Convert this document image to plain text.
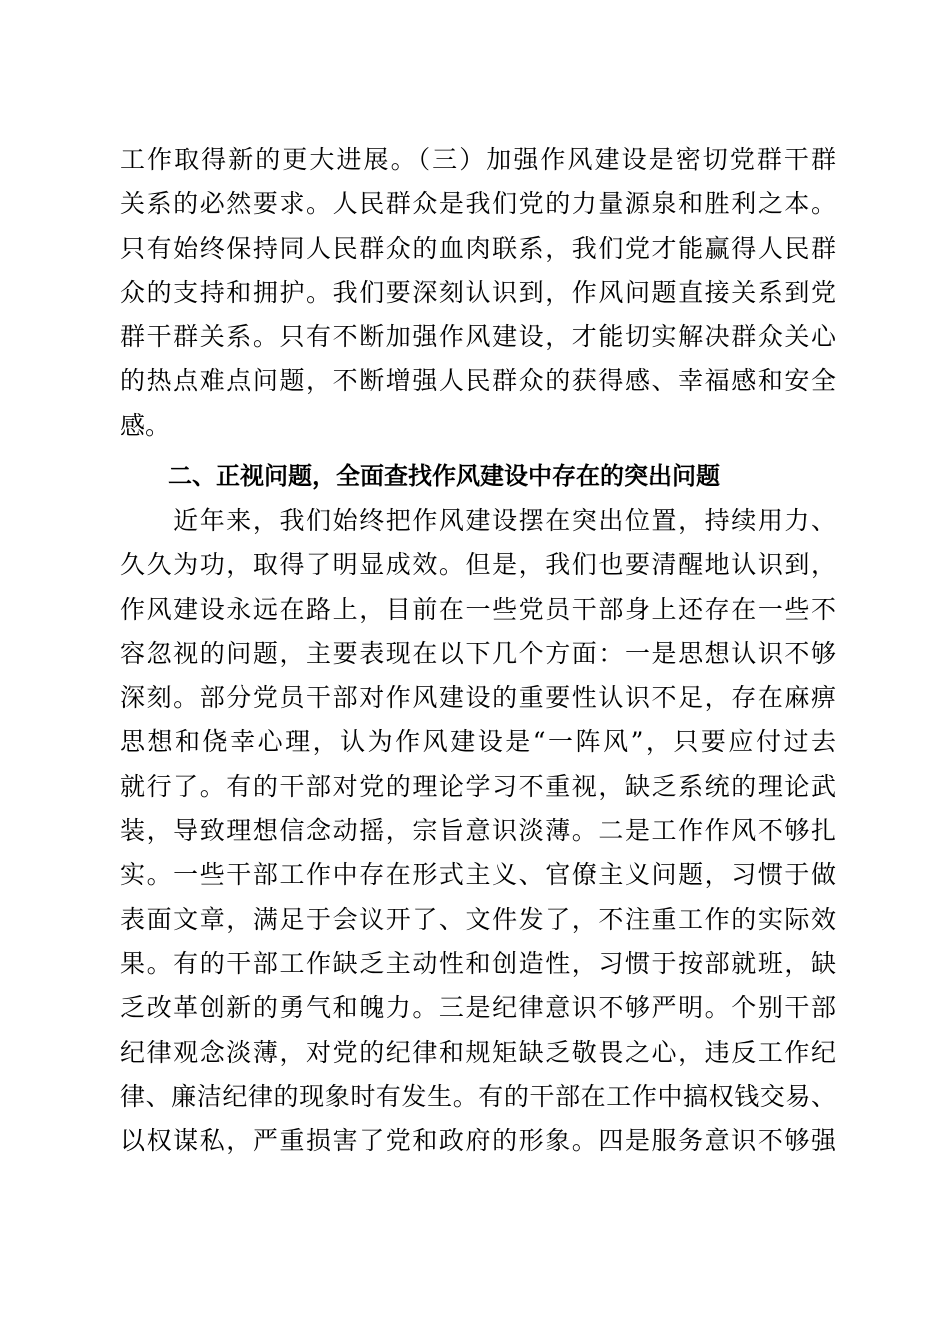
工作取得新的更大进展。（三）加强作风建设是密切党群干群
关系的必然要求。人民群众是我们党的力量源泉和胜利之本。
只有始终保持同人民群众的血肉联系，我们党才能赢得人民群
众的支持和拥护。我们要深刻认识到，作风问题直接关系到党
群干群关系。只有不断加强作风建设，才能切实解决群众关心
的热点难点问题，不断增强人民群众的获得感、幸福感和安全
感。
二、正视问题，全面查找作风建设中存在的突出问题
　　近年来，我们始终把作风建设摆在突出位置，持续用力、
久久为功，取得了明显成效。但是，我们也要清醒地认识到，
作风建设永远在路上，目前在一些党员干部身上还存在一些不
容忽视的问题，主要表现在以下几个方面：一是思想认识不够
深刻。部分党员干部对作风建设的重要性认识不足，存在麻痹
思想和侥幸心理，认为作风建设是“一阵风”，只要应付过去
就行了。有的干部对党的理论学习不重视，缺乏系统的理论武
装，导致理想信念动摇，宗旨意识淡薄。二是工作作风不够扎
实。一些干部工作中存在形式主义、官僚主义问题，习惯于做
表面文章，满足于会议开了、文件发了，不注重工作的实际效
果。有的干部工作缺乏主动性和创造性，习惯于按部就班，缺
乏改革创新的勇气和魄力。三是纪律意识不够严明。个别干部
纪律观念淡薄，对党的纪律和规矩缺乏敬畏之心，违反工作纪
律、廉洁纪律的现象时有发生。有的干部在工作中搞权钱交易、
以权谋私，严重损害了党和政府的形象。四是服务意识不够强
